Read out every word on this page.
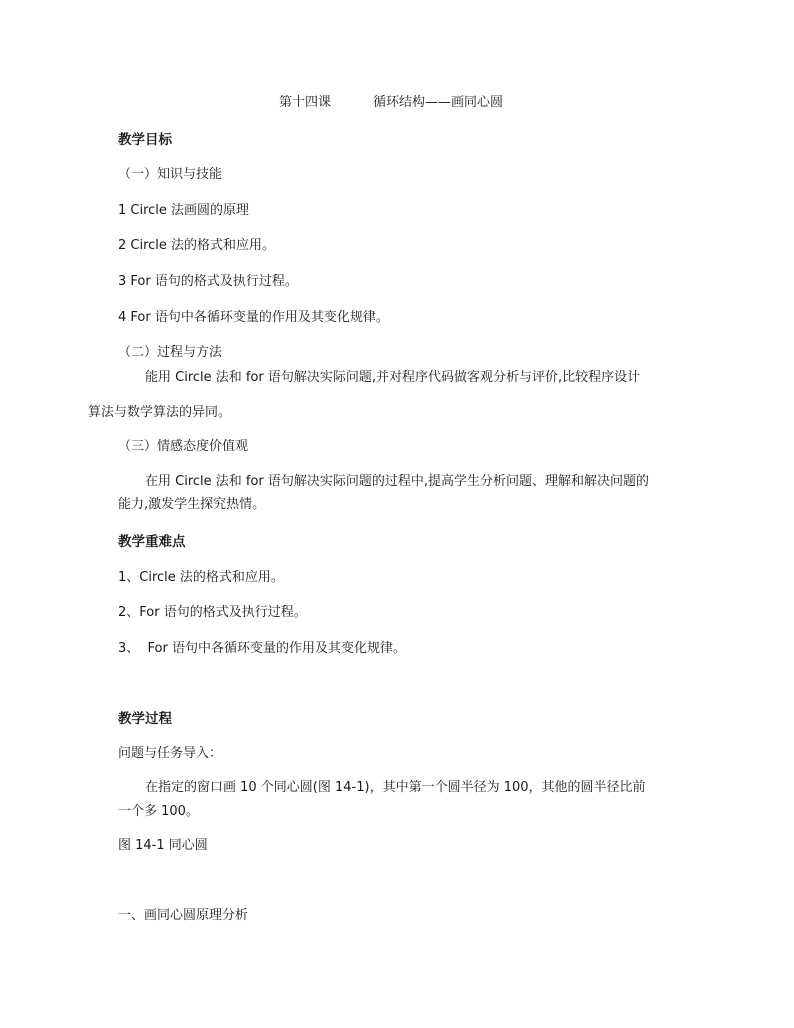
第十四课	循环结构——画同心圆
教学目标
（一）知识与技能
1 Circle 法画圆的原理
2 Circle 法的格式和应用。
3 For 语句的格式及执行过程。
4 For 语句中各循环变量的作用及其变化规律。
（二）过程与方法
能用 Circle 法和 for 语句解决实际问题,并对程序代码做客观分析与评价,比较程序设计
算法与数学算法的异同。
（三）情感态度价值观
在用 Circle 法和 for 语句解决实际问题的过程中,提高学生分析问题、理解和解决问题的
能力,激发学生探究热情。
教学重难点
1、Circle 法的格式和应用。
2、For 语句的格式及执行过程。
3、  For 语句中各循环变量的作用及其变化规律。
教学过程
问题与任务导入：
在指定的窗口画 10 个同心圆(图 14-1)，其中第一个圆半径为 100，其他的圆半径比前
一个多 100。
图 14-1 同心圆
一、画同心圆原理分析
